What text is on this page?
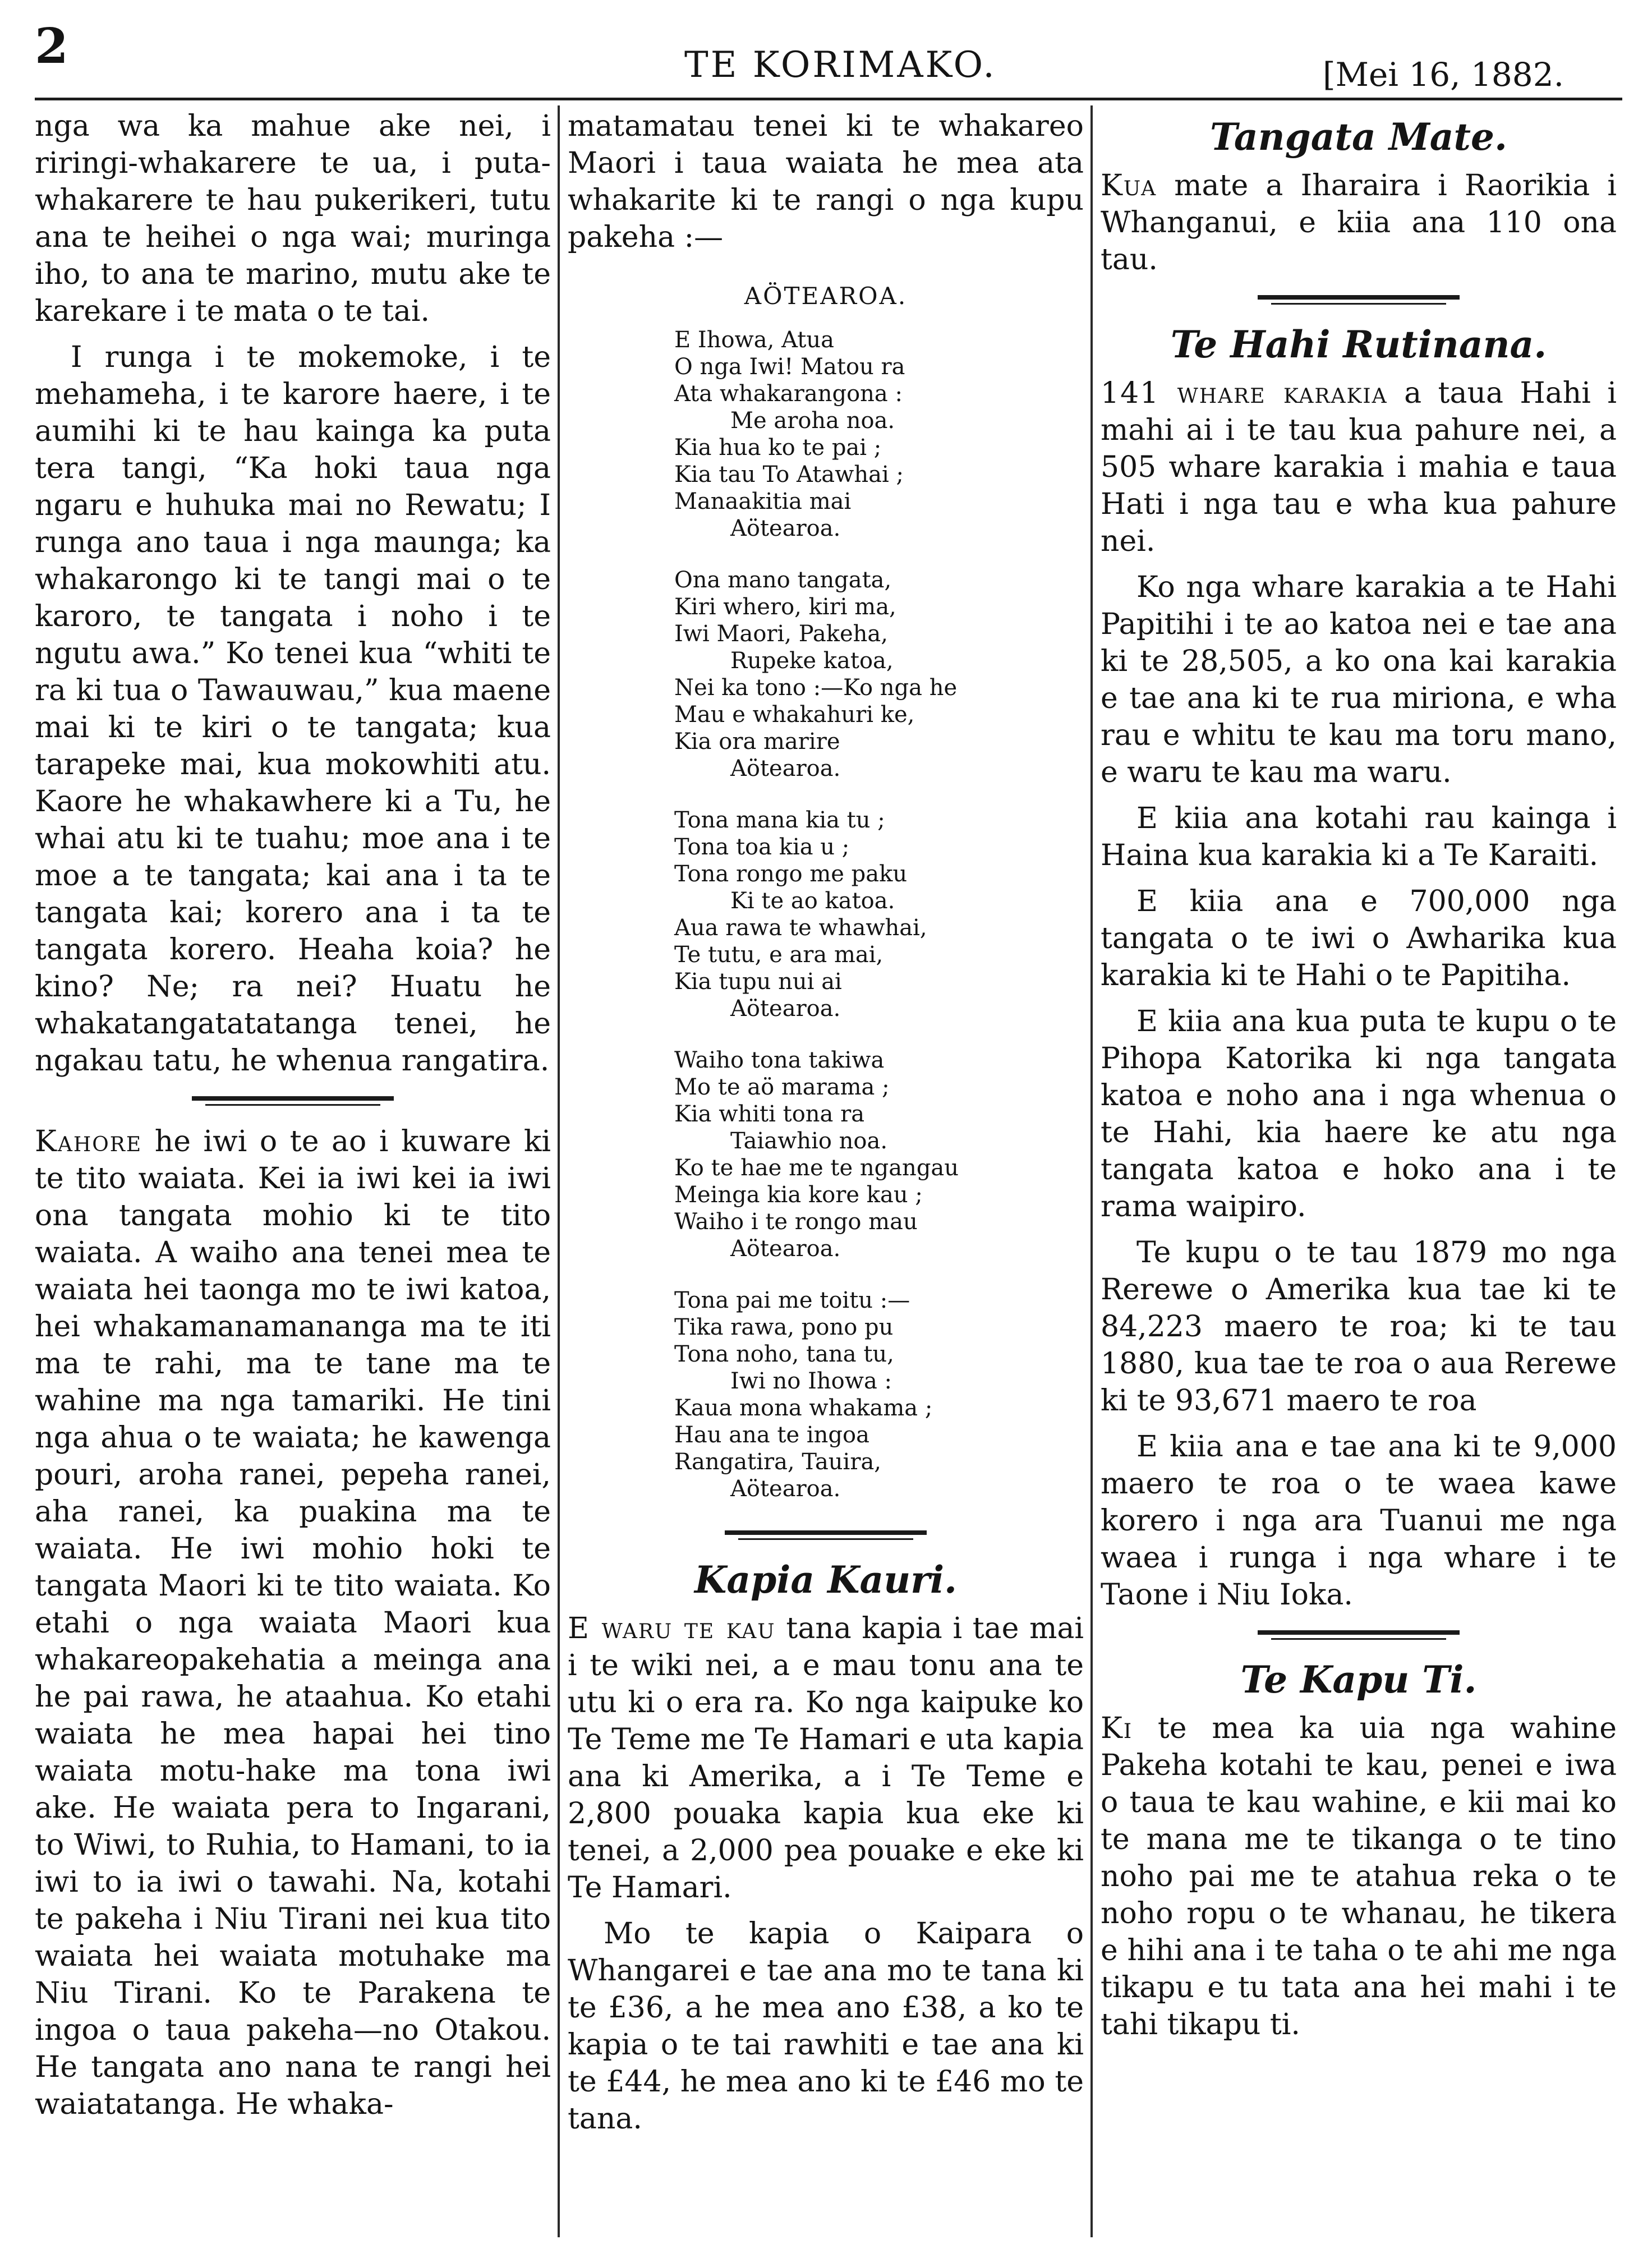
2	TE KORIMAKO.	[Mei 16, 1882.

nga wa ka mahue ake nei, i riringi-whakarere te ua, i puta-whakarere te hau pukerikeri, tutu ana te heihei o nga wai; muringa iho, to ana te marino, mutu ake te karekare i te mata o te tai.

I runga i te mokemoke, i te mehameha, i te karore haere, i te aumihi ki te hau kainga ka puta tera tangi, “Ka hoki taua nga ngaru e huhuka mai no Rewatu; I runga ano taua i nga maunga; ka whakarongo ki te tangi mai o te karoro, te tangata i noho i te ngutu awa.” Ko tenei kua “whiti te ra ki tua o Tawauwau,” kua maene mai ki te kiri o te tangata; kua tarapeke mai, kua mokowhiti atu. Kaore he whakawhere ki a Tu, he whai atu ki te tuahu; moe ana i te moe a te tangata; kai ana i ta te tangata kai; korero ana i ta te tangata korero. Heaha koia? he kino? Ne; ra nei? Huatu he whakatangatatatanga tenei, he ngakau tatu, he whenua rangatira.

Kahore he iwi o te ao i kuware ki te tito waiata. Kei ia iwi kei ia iwi ona tangata mohio ki te tito waiata. A waiho ana tenei mea te waiata hei taonga mo te iwi katoa, hei whakamanamananga ma te iti ma te rahi, ma te tane ma te wahine ma nga tamariki. He tini nga ahua o te waiata; he kawenga pouri, aroha ranei, pepeha ranei, aha ranei, ka puakina ma te waiata. He iwi mohio hoki te tangata Maori ki te tito waiata. Ko etahi o nga waiata Maori kua whakareopakehatia a meinga ana he pai rawa, he ataahua. Ko etahi waiata he mea hapai hei tino waiata motu-hake ma tona iwi ake. He waiata pera to Ingarani, to Wiwi, to Ruhia, to Hamani, to ia iwi to ia iwi o tawahi. Na, kotahi te pakeha i Niu Tirani nei kua tito waiata hei waiata motuhake ma Niu Tirani. Ko te Parakena te ingoa o taua pakeha—no Otakou. He tangata ano nana te rangi hei waiatatanga. He whaka-

matamatau tenei ki te whakareo Maori i taua waiata he mea ata whakarite ki te rangi o nga kupu pakeha :—

AÖTEAROA.
E Ihowa, Atua
O nga Iwi! Matou ra
Ata whakarangona :
Me aroha noa.
Kia hua ko te pai ;
Kia tau To Atawhai ;
Manaakitia mai
Aötearoa.
Ona mano tangata,
Kiri whero, kiri ma,
Iwi Maori, Pakeha,
Rupeke katoa,
Nei ka tono :—Ko nga he
Mau e whakahuri ke,
Kia ora marire
Aötearoa.
Tona mana kia tu ;
Tona toa kia u ;
Tona rongo me paku
Ki te ao katoa.
Aua rawa te whawhai,
Te tutu, e ara mai,
Kia tupu nui ai
Aötearoa.
Waiho tona takiwa
Mo te aö marama ;
Kia whiti tona ra
Taiawhio noa.
Ko te hae me te ngangau
Meinga kia kore kau ;
Waiho i te rongo mau
Aötearoa.
Tona pai me toitu :—
Tika rawa, pono pu
Tona noho, tana tu,
Iwi no Ihowa :
Kaua mona whakama ;
Hau ana te ingoa
Rangatira, Tauira,
Aötearoa.
Kapia Kauri.

E waru te kau tana kapia i tae mai i te wiki nei, a e mau tonu ana te utu ki o era ra. Ko nga kaipuke ko Te Teme me Te Hamari e uta kapia ana ki Amerika, a i Te Teme e 2,800 pouaka kapia kua eke ki tenei, a 2,000 pea pouake e eke ki Te Hamari.

Mo te kapia o Kaipara o Whangarei e tae ana mo te tana ki te £36, a he mea ano £38, a ko te kapia o te tai rawhiti e tae ana ki te £44, he mea ano ki te £46 mo te tana.

Tangata Mate.

Kua mate a Iharaira i Raorikia i Whanganui, e kiia ana 110 ona tau.

Te Hahi Rutinana.

141 whare karakia a taua Hahi i mahi ai i te tau kua pahure nei, a 505 whare karakia i mahia e taua Hati i nga tau e wha kua pahure nei.

Ko nga whare karakia a te Hahi Papitihi i te ao katoa nei e tae ana ki te 28,505, a ko ona kai karakia e tae ana ki te rua miriona, e wha rau e whitu te kau ma toru mano, e waru te kau ma waru.

E kiia ana kotahi rau kainga i Haina kua karakia ki a Te Karaiti.

E kiia ana e 700,000 nga tangata o te iwi o Awharika kua karakia ki te Hahi o te Papitiha.

E kiia ana kua puta te kupu o te Pihopa Katorika ki nga tangata katoa e noho ana i nga whenua o te Hahi, kia haere ke atu nga tangata katoa e hoko ana i te rama waipiro.

Te kupu o te tau 1879 mo nga Rerewe o Amerika kua tae ki te 84,223 maero te roa; ki te tau 1880, kua tae te roa o aua Rerewe ki te 93,671 maero te roa

E kiia ana e tae ana ki te 9,000 maero te roa o te waea kawe korero i nga ara Tuanui me nga waea i runga i nga whare i te Taone i Niu Ioka.

Te Kapu Ti.

Ki te mea ka uia nga wahine Pakeha kotahi te kau, penei e iwa o taua te kau wahine, e kii mai ko te mana me te tikanga o te tino noho pai me te atahua reka o te noho ropu o te whanau, he tikera e hihi ana i te taha o te ahi me nga tikapu e tu tata ana hei mahi i te tahi tikapu ti.
